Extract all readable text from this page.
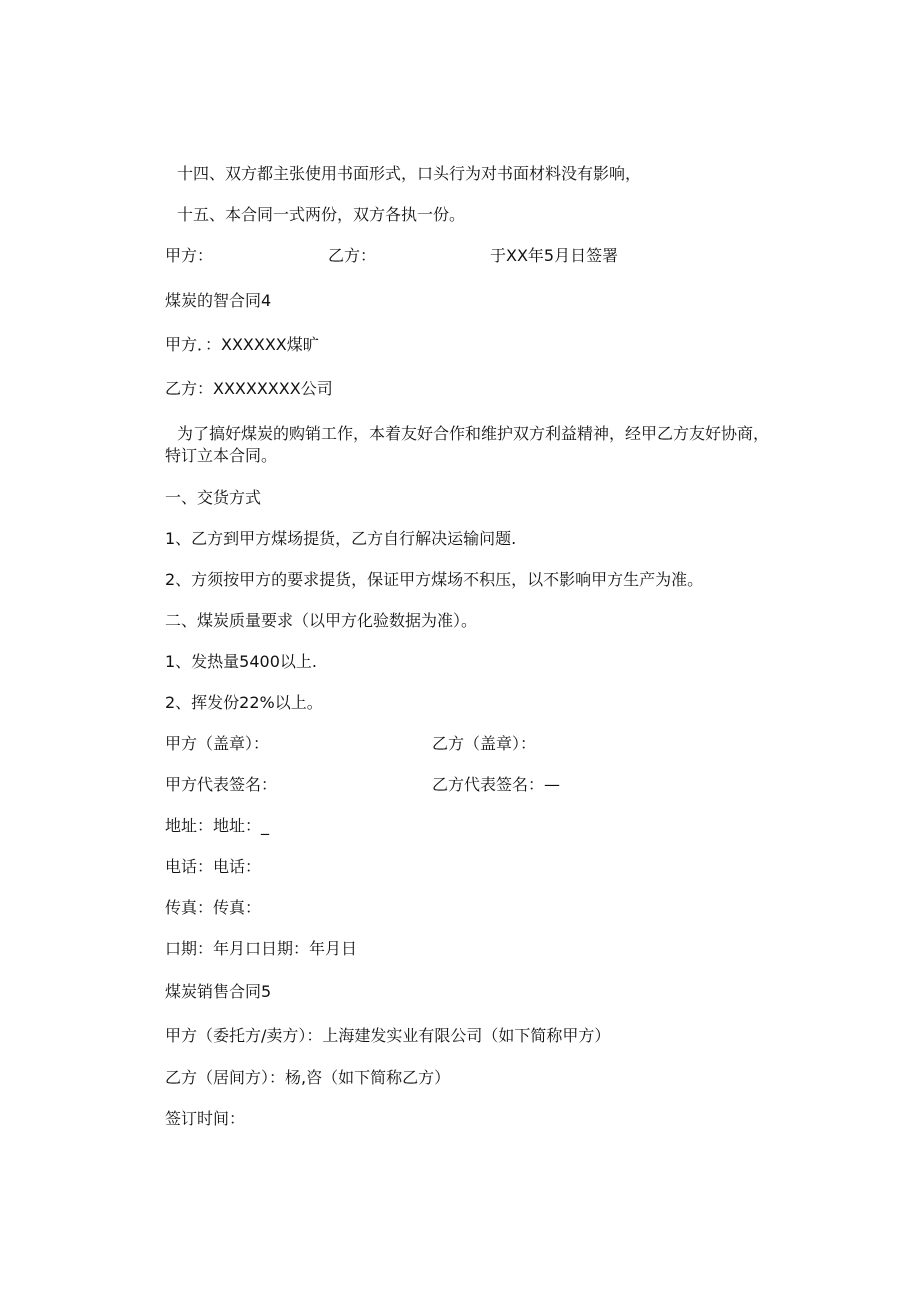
十四、双方都主张使用书面形式，口头行为对书面材料没有影响，

十五、本合同一式两份，双方各执一份。

甲方：	乙方：	于XX年5月日签署

煤炭的智合同4

甲方．：XXXXXX煤旷

乙方：XXXXXXXX公司

为了搞好煤炭的购销工作，本着友好合作和维护双方利益精神，经甲乙方友好协商，特订立本合同。

一、交货方式

1、乙方到甲方煤场提货，乙方自行解决运输问题.

2、方须按甲方的要求提货，保证甲方煤场不积压，以不影响甲方生产为准。

二、煤炭质量要求（以甲方化验数据为准）。

1、发热量5400以上.

2、挥发份22%以上。

甲方（盖章）：	乙方（盖章）：

甲方代表签名：	乙方代表签名：—

地址：地址：_

电话：电话：

传真：传真：

口期：年月口日期：年月日

煤炭销售合同5

甲方（委托方/卖方）：上海建发实业有限公司（如下简称甲方）

乙方（居间方）：杨,咨（如下简称乙方）

签订时间：
